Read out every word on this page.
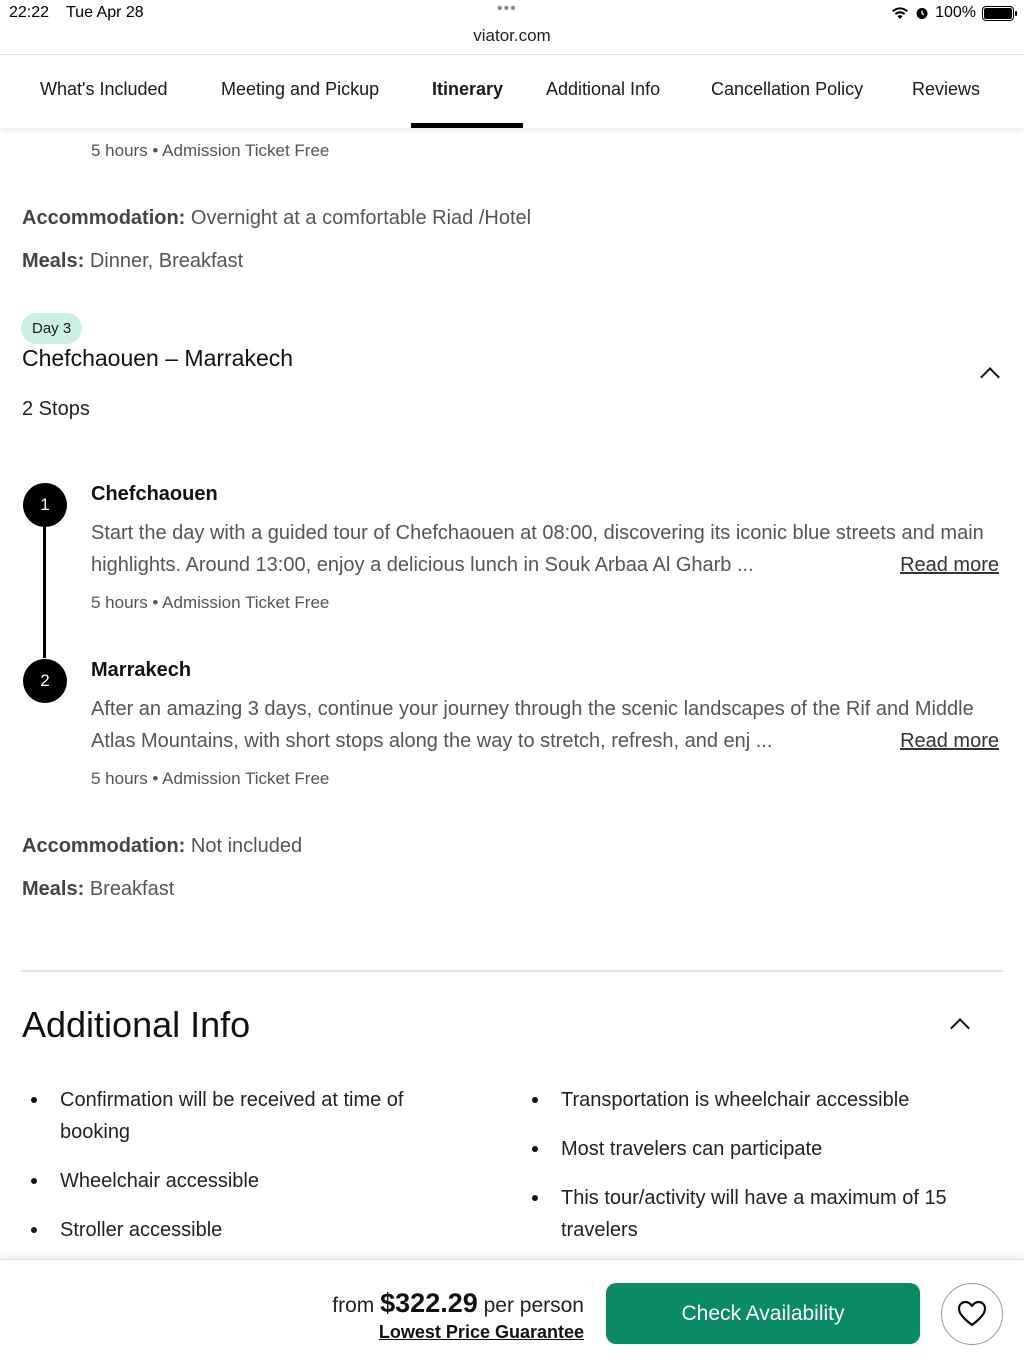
22:22 Tue Apr 28	•••
viator.com
100%
What's Included	Meeting and Pickup	Itinerary Additional Info	Cancellation Policy	Reviews
5 hours • Admission Ticket Free
Accommodation: Overnight at a comfortable Riad /Hotel
Meals: Dinner, Breakfast
Day 3
Chefchaouen – Marrakech
2 Stops
1	Chefchaouen
Start the day with a guided tour of Chefchaouen at 08:00, discovering its iconic blue streets and main highlights. Around 13:00, enjoy a delicious lunch in Souk Arbaa Al Gharb ...	Read more
5 hours • Admission Ticket Free
2	Marrakech
After an amazing 3 days, continue your journey through the scenic landscapes of the Rif and Middle Atlas Mountains, with short stops along the way to stretch, refresh, and enj ...	Read more
5 hours • Admission Ticket Free
Accommodation: Not included
Meals: Breakfast
Additional Info
Confirmation will be received at time of booking
Wheelchair accessible
Stroller accessible
Transportation is wheelchair accessible
Most travelers can participate
This tour/activity will have a maximum of 15 travelers
from $322.29 per person
Lowest Price Guarantee
Check Availability
